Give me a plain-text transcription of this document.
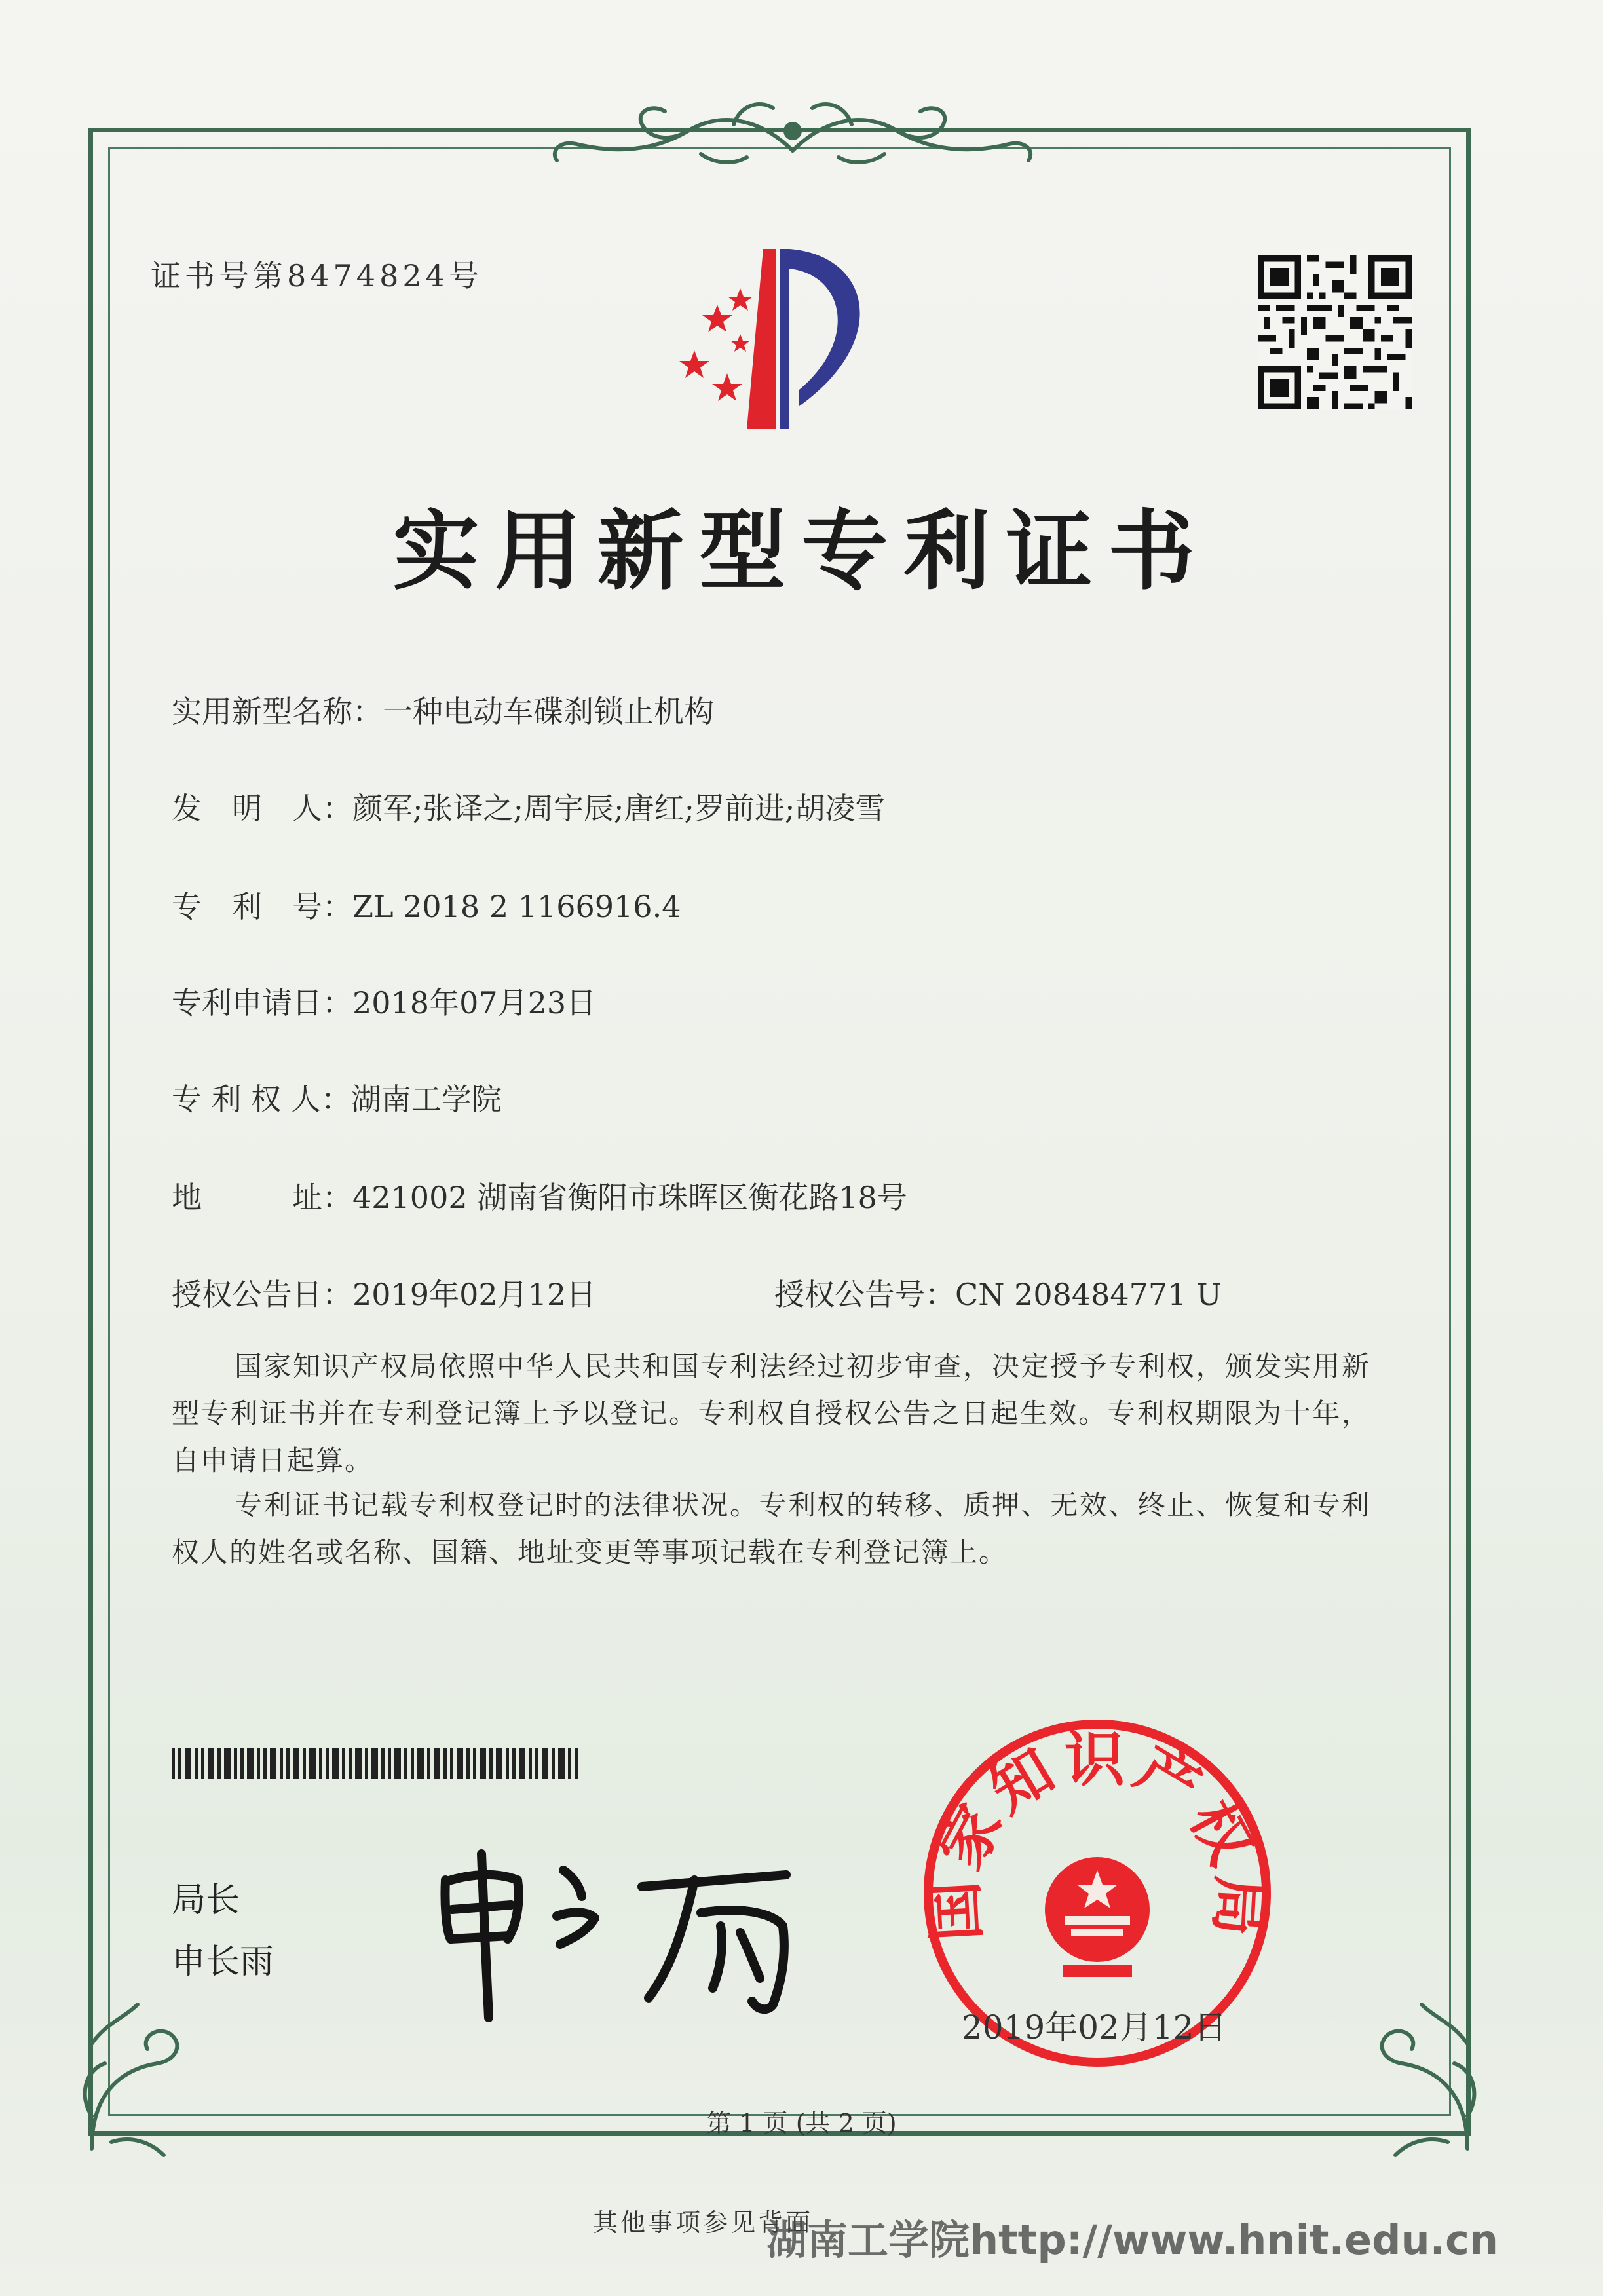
证书号第8474824号
实用新型专利证书
实用新型名称：一种电动车碟刹锁止机构
发　明　人：颜军;张译之;周宇辰;唐红;罗前进;胡凌雪
专　利　号：ZL 2018 2 1166916.4
专利申请日：2018年07月23日
专 利 权 人：湖南工学院
地　　　址：421002 湖南省衡阳市珠晖区衡花路18号
授权公告日：2019年02月12日	授权公告号：CN 208484771 U
国家知识产权局依照中华人民共和国专利法经过初步审查，决定授予专利权，颁发实用新型专利证书并在专利登记簿上予以登记。专利权自授权公告之日起生效。专利权期限为十年，自申请日起算。
专利证书记载专利权登记时的法律状况。专利权的转移、质押、无效、终止、恢复和专利权人的姓名或名称、国籍、地址变更等事项记载在专利登记簿上。
局长
申长雨
国家知识产权局
2019年02月12日
第 1 页 (共 2 页)
其他事项参见背面
湖南工学院http://www.hnit.edu.cn
